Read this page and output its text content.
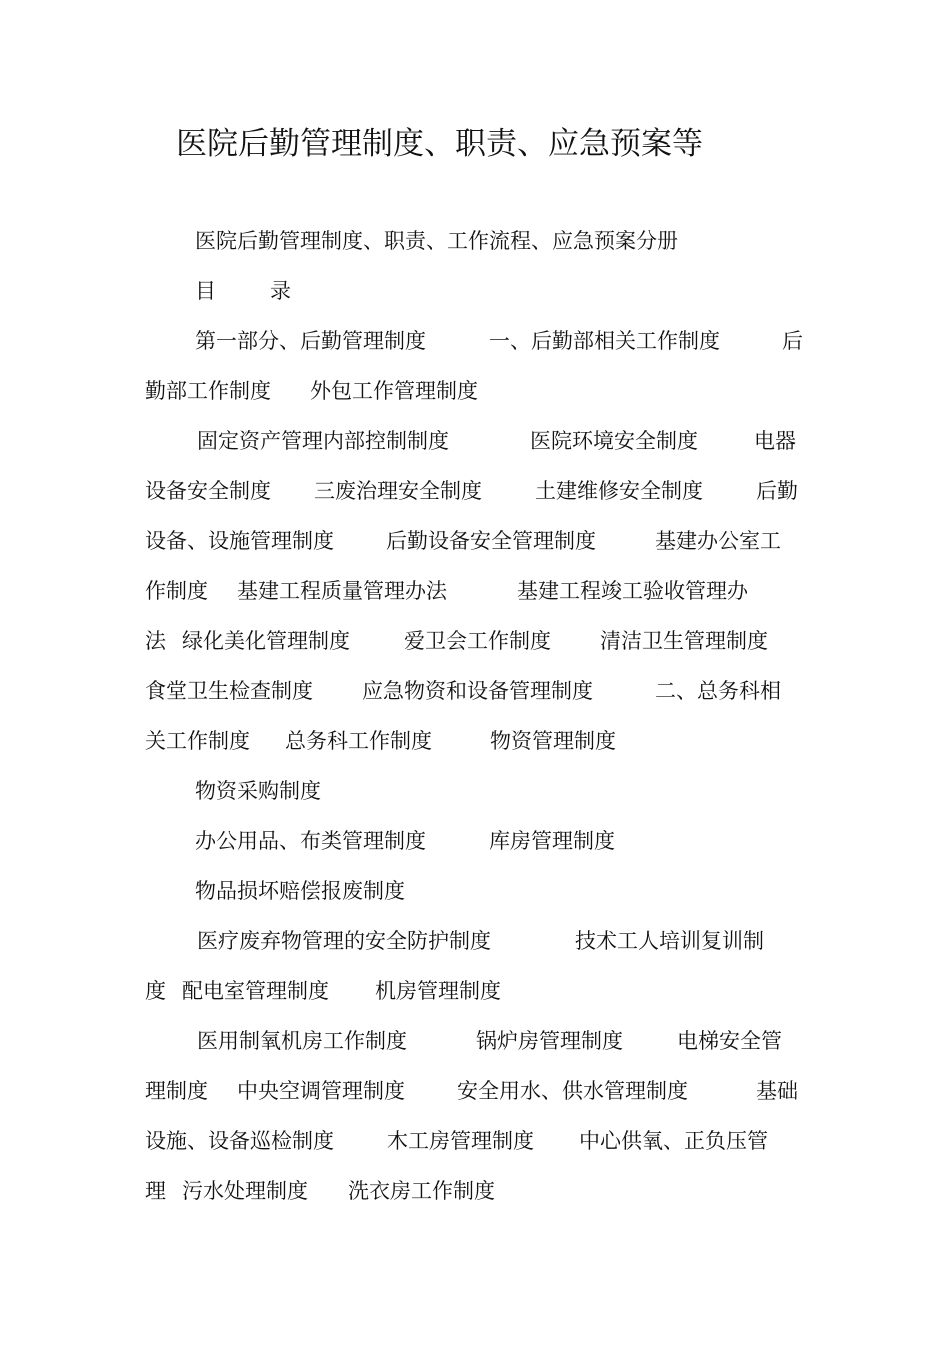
医院后勤管理制度、职责、应急预案等
医院后勤管理制度、职责、工作流程、应急预案分册
目	录
第一部分、后勤管理制度	一、后勤部相关工作制度	后
勤部工作制度 外包工作管理制度
固定资产管理内部控制制度	医院环境安全制度	电器
设备安全制度 三废治理安全制度	土建维修安全制度	后勤
设备、设施管理制度 后勤设备安全管理制度	基建办公室工
作制度 基建工程质量管理办法	基建工程竣工验收管理办
法 绿化美化管理制度	爱卫会工作制度 清洁卫生管理制度
食堂卫生检查制度 应急物资和设备管理制度	二、总务科相
关工作制度 总务科工作制度	物资管理制度
物资采购制度
办公用品、布类管理制度	库房管理制度
物品损坏赔偿报废制度
医疗废弃物管理的安全防护制度	技术工人培训复训制
度 配电室管理制度 机房管理制度
医用制氧机房工作制度	锅炉房管理制度	电梯安全管
理制度 中央空调管理制度 安全用水、供水管理制度	基础
设施、设备巡检制度	木工房管理制度 中心供氧、正负压管
理 污水处理制度 洗衣房工作制度
